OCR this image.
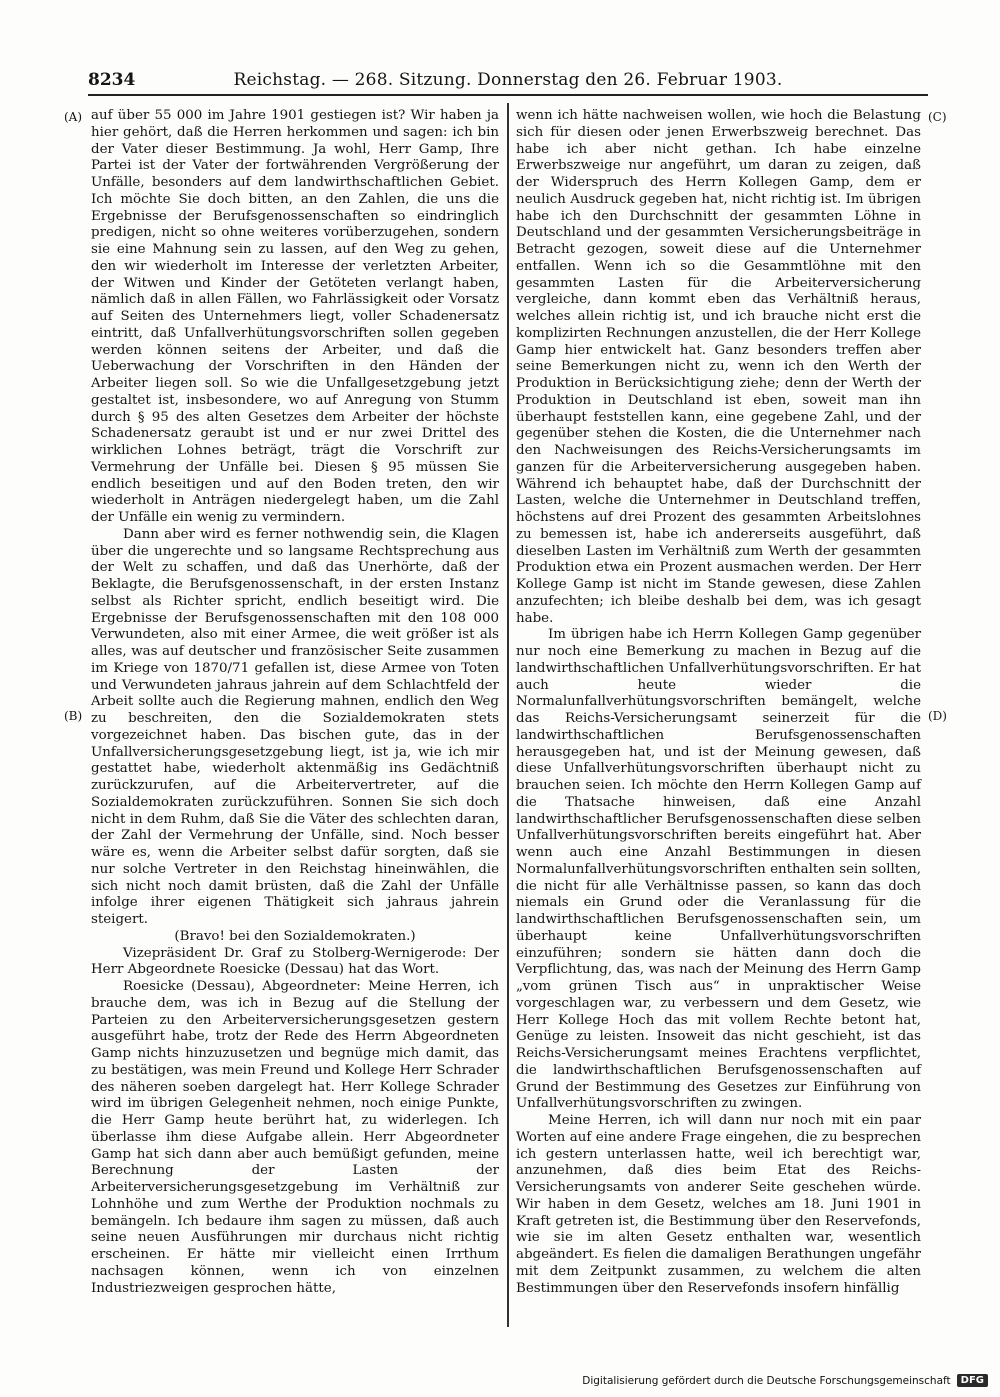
8234	Reichstag. — 268. Sitzung. Donnerstag den 26. Februar 1903.
(A)
(B)
(C)
(D)

auf über 55 000 im Jahre 1901 gestiegen ist? Wir haben ja hier gehört, daß die Herren herkommen und sagen: ich bin der Vater dieser Bestimmung. Ja wohl, Herr Gamp, Ihre Partei ist der Vater der fortwährenden Vergrößerung der Unfälle, besonders auf dem landwirthschaftlichen Gebiet. Ich möchte Sie doch bitten, an den Zahlen, die uns die Ergebnisse der Berufsgenossenschaften so eindringlich predigen, nicht so ohne weiteres vorüberzugehen, sondern sie eine Mahnung sein zu lassen, auf den Weg zu gehen, den wir wiederholt im Interesse der verletzten Arbeiter, der Witwen und Kinder der Getöteten verlangt haben, nämlich daß in allen Fällen, wo Fahrlässigkeit oder Vorsatz auf Seiten des Unternehmers liegt, voller Schadenersatz eintritt, daß Unfallverhütungsvorschriften sollen gegeben werden können seitens der Arbeiter, und daß die Ueberwachung der Vorschriften in den Händen der Arbeiter liegen soll. So wie die Unfallgesetzgebung jetzt gestaltet ist, insbesondere, wo auf Anregung von Stumm durch § 95 des alten Gesetzes dem Arbeiter der höchste Schadenersatz geraubt ist und er nur zwei Drittel des wirklichen Lohnes beträgt, trägt die Vorschrift zur Vermehrung der Unfälle bei. Diesen § 95 müssen Sie endlich beseitigen und auf den Boden treten, den wir wiederholt in Anträgen niedergelegt haben, um die Zahl der Unfälle ein wenig zu vermindern.

Dann aber wird es ferner nothwendig sein, die Klagen über die ungerechte und so langsame Rechtsprechung aus der Welt zu schaffen, und daß das Unerhörte, daß der Beklagte, die Berufsgenossenschaft, in der ersten Instanz selbst als Richter spricht, endlich beseitigt wird. Die Ergebnisse der Berufsgenossenschaften mit den 108 000 Verwundeten, also mit einer Armee, die weit größer ist als alles, was auf deutscher und französischer Seite zusammen im Kriege von 1870/71 gefallen ist, diese Armee von Toten und Verwundeten jahraus jahrein auf dem Schlachtfeld der Arbeit sollte auch die Regierung mahnen, endlich den Weg zu beschreiten, den die Sozialdemokraten stets vorgezeichnet haben. Das bischen gute, das in der Unfallversicherungsgesetzgebung liegt, ist ja, wie ich mir gestattet habe, wiederholt aktenmäßig ins Gedächtniß zurückzurufen, auf die Arbeitervertreter, auf die Sozialdemokraten zurückzuführen. Sonnen Sie sich doch nicht in dem Ruhm, daß Sie die Väter des schlechten daran, der Zahl der Vermehrung der Unfälle, sind. Noch besser wäre es, wenn die Arbeiter selbst dafür sorgten, daß sie nur solche Vertreter in den Reichstag hineinwählen, die sich nicht noch damit brüsten, daß die Zahl der Unfälle infolge ihrer eigenen Thätigkeit sich jahraus jahrein steigert.

(Bravo! bei den Sozialdemokraten.)

Vizepräsident Dr. Graf zu Stolberg-Wernigerode: Der Herr Abgeordnete Roesicke (Dessau) hat das Wort.

Roesicke (Dessau), Abgeordneter: Meine Herren, ich brauche dem, was ich in Bezug auf die Stellung der Parteien zu den Arbeiterversicherungsgesetzen gestern ausgeführt habe, trotz der Rede des Herrn Abgeordneten Gamp nichts hinzuzusetzen und begnüge mich damit, das zu bestätigen, was mein Freund und Kollege Herr Schrader des näheren soeben dargelegt hat. Herr Kollege Schrader wird im übrigen Gelegenheit nehmen, noch einige Punkte, die Herr Gamp heute berührt hat, zu widerlegen. Ich überlasse ihm diese Aufgabe allein. Herr Abgeordneter Gamp hat sich dann aber auch bemüßigt gefunden, meine Berechnung der Lasten der Arbeiterversicherungsgesetzgebung im Verhältniß zur Lohnhöhe und zum Werthe der Produktion nochmals zu bemängeln. Ich bedaure ihm sagen zu müssen, daß auch seine neuen Ausführungen mir durchaus nicht richtig erscheinen. Er hätte mir vielleicht einen Irrthum nachsagen können, wenn ich von einzelnen Industriezweigen gesprochen hätte,

wenn ich hätte nachweisen wollen, wie hoch die Belastung sich für diesen oder jenen Erwerbszweig berechnet. Das habe ich aber nicht gethan. Ich habe einzelne Erwerbszweige nur angeführt, um daran zu zeigen, daß der Widerspruch des Herrn Kollegen Gamp, dem er neulich Ausdruck gegeben hat, nicht richtig ist. Im übrigen habe ich den Durchschnitt der gesammten Löhne in Deutschland und der gesammten Versicherungsbeiträge in Betracht gezogen, soweit diese auf die Unternehmer entfallen. Wenn ich so die Gesammtlöhne mit den gesammten Lasten für die Arbeiterversicherung vergleiche, dann kommt eben das Verhältniß heraus, welches allein richtig ist, und ich brauche nicht erst die komplizirten Rechnungen anzustellen, die der Herr Kollege Gamp hier entwickelt hat. Ganz besonders treffen aber seine Bemerkungen nicht zu, wenn ich den Werth der Produktion in Berücksichtigung ziehe; denn der Werth der Produktion in Deutschland ist eben, soweit man ihn überhaupt feststellen kann, eine gegebene Zahl, und der gegenüber stehen die Kosten, die die Unternehmer nach den Nachweisungen des Reichs-Versicherungsamts im ganzen für die Arbeiterversicherung ausgegeben haben. Während ich behauptet habe, daß der Durchschnitt der Lasten, welche die Unternehmer in Deutschland treffen, höchstens auf drei Prozent des gesammten Arbeitslohnes zu bemessen ist, habe ich andererseits ausgeführt, daß dieselben Lasten im Verhältniß zum Werth der gesammten Produktion etwa ein Prozent ausmachen werden. Der Herr Kollege Gamp ist nicht im Stande gewesen, diese Zahlen anzufechten; ich bleibe deshalb bei dem, was ich gesagt habe.

Im übrigen habe ich Herrn Kollegen Gamp gegenüber nur noch eine Bemerkung zu machen in Bezug auf die landwirthschaftlichen Unfallverhütungsvorschriften. Er hat auch heute wieder die Normalunfallverhütungsvorschriften bemängelt, welche das Reichs-Versicherungsamt seinerzeit für die landwirthschaftlichen Berufsgenossenschaften herausgegeben hat, und ist der Meinung gewesen, daß diese Unfallverhütungsvorschriften überhaupt nicht zu brauchen seien. Ich möchte den Herrn Kollegen Gamp auf die Thatsache hinweisen, daß eine Anzahl landwirthschaftlicher Berufsgenossenschaften diese selben Unfallverhütungsvorschriften bereits eingeführt hat. Aber wenn auch eine Anzahl Bestimmungen in diesen Normalunfallverhütungsvorschriften enthalten sein sollten, die nicht für alle Verhältnisse passen, so kann das doch niemals ein Grund oder die Veranlassung für die landwirthschaftlichen Berufsgenossenschaften sein, um überhaupt keine Unfallverhütungsvorschriften einzuführen; sondern sie hätten dann doch die Verpflichtung, das, was nach der Meinung des Herrn Gamp „vom grünen Tisch aus“ in unpraktischer Weise vorgeschlagen war, zu verbessern und dem Gesetz, wie Herr Kollege Hoch das mit vollem Rechte betont hat, Genüge zu leisten. Insoweit das nicht geschieht, ist das Reichs-Versicherungsamt meines Erachtens verpflichtet, die landwirthschaftlichen Berufsgenossenschaften auf Grund der Bestimmung des Gesetzes zur Einführung von Unfallverhütungsvorschriften zu zwingen.

Meine Herren, ich will dann nur noch mit ein paar Worten auf eine andere Frage eingehen, die zu besprechen ich gestern unterlassen hatte, weil ich berechtigt war, anzunehmen, daß dies beim Etat des Reichs-Versicherungsamts von anderer Seite geschehen würde. Wir haben in dem Gesetz, welches am 18. Juni 1901 in Kraft getreten ist, die Bestimmung über den Reservefonds, wie sie im alten Gesetz enthalten war, wesentlich abgeändert. Es fielen die damaligen Berathungen ungefähr mit dem Zeitpunkt zusammen, zu welchem die alten Bestimmungen über den Reservefonds insofern hinfällig

Digitalisierung gefördert durch die Deutsche Forschungsgemeinschaft	DFG
